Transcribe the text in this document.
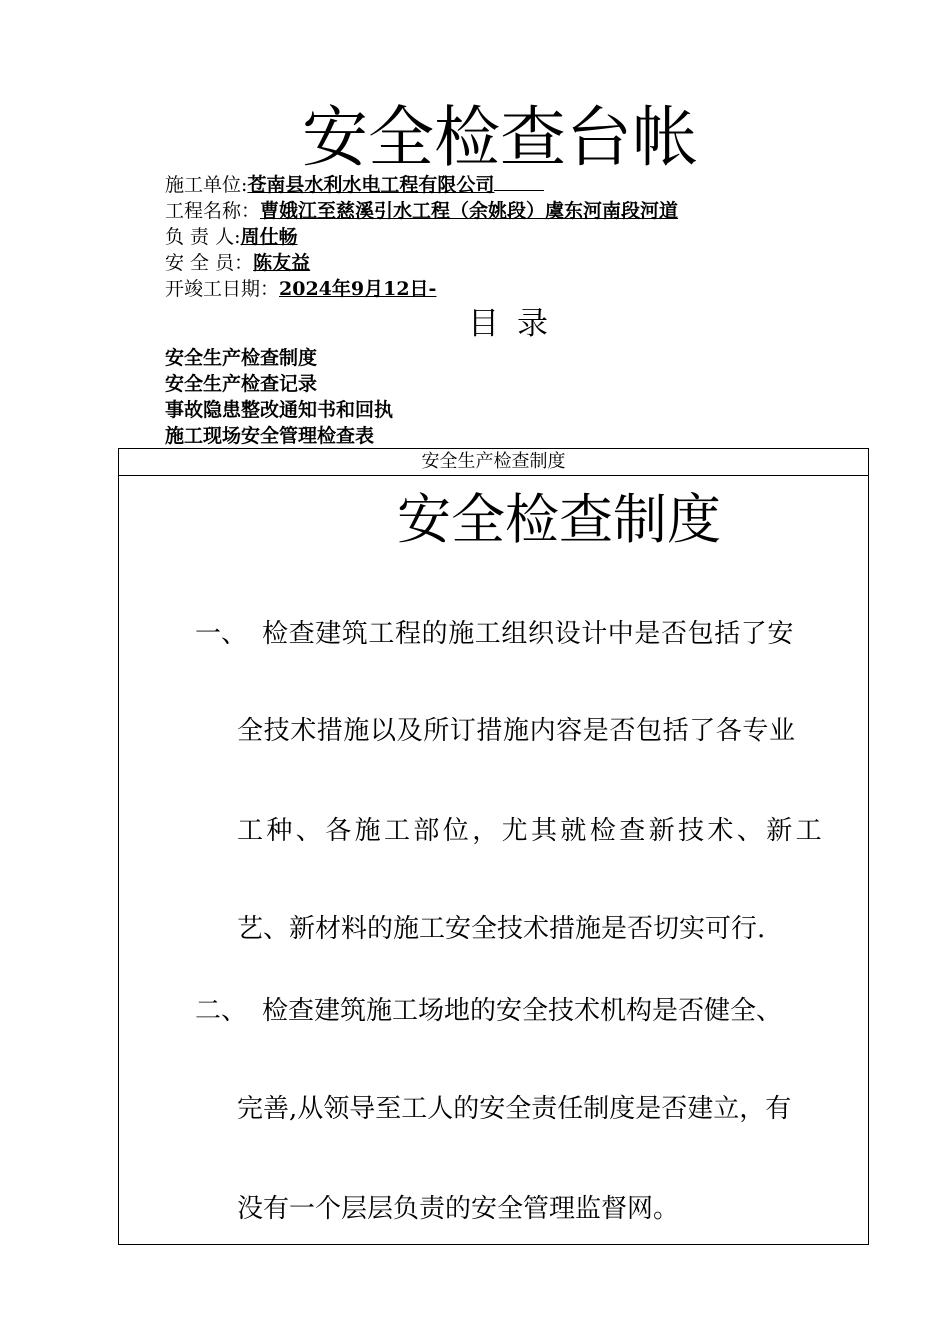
安全检查台帐
施工单位:苍南县水利水电工程有限公司
工程名称：曹娥江至慈溪引水工程（余姚段）虞东河南段河道
负 责 人:周仕畅
安 全 员：陈友益
开竣工日期：2024年9月12日-
目录
安全生产检查制度
安全生产检查记录
事故隐患整改通知书和回执
施工现场安全管理检查表
安全生产检查制度
安全检查制度
一、 检查建筑工程的施工组织设计中是否包括了安
全技术措施以及所订措施内容是否包括了各专业
工种、各施工部位，尤其就检查新技术、新工
艺、新材料的施工安全技术措施是否切实可行.
二、 检查建筑施工场地的安全技术机构是否健全、
完善,从领导至工人的安全责任制度是否建立，有
没有一个层层负责的安全管理监督网。
